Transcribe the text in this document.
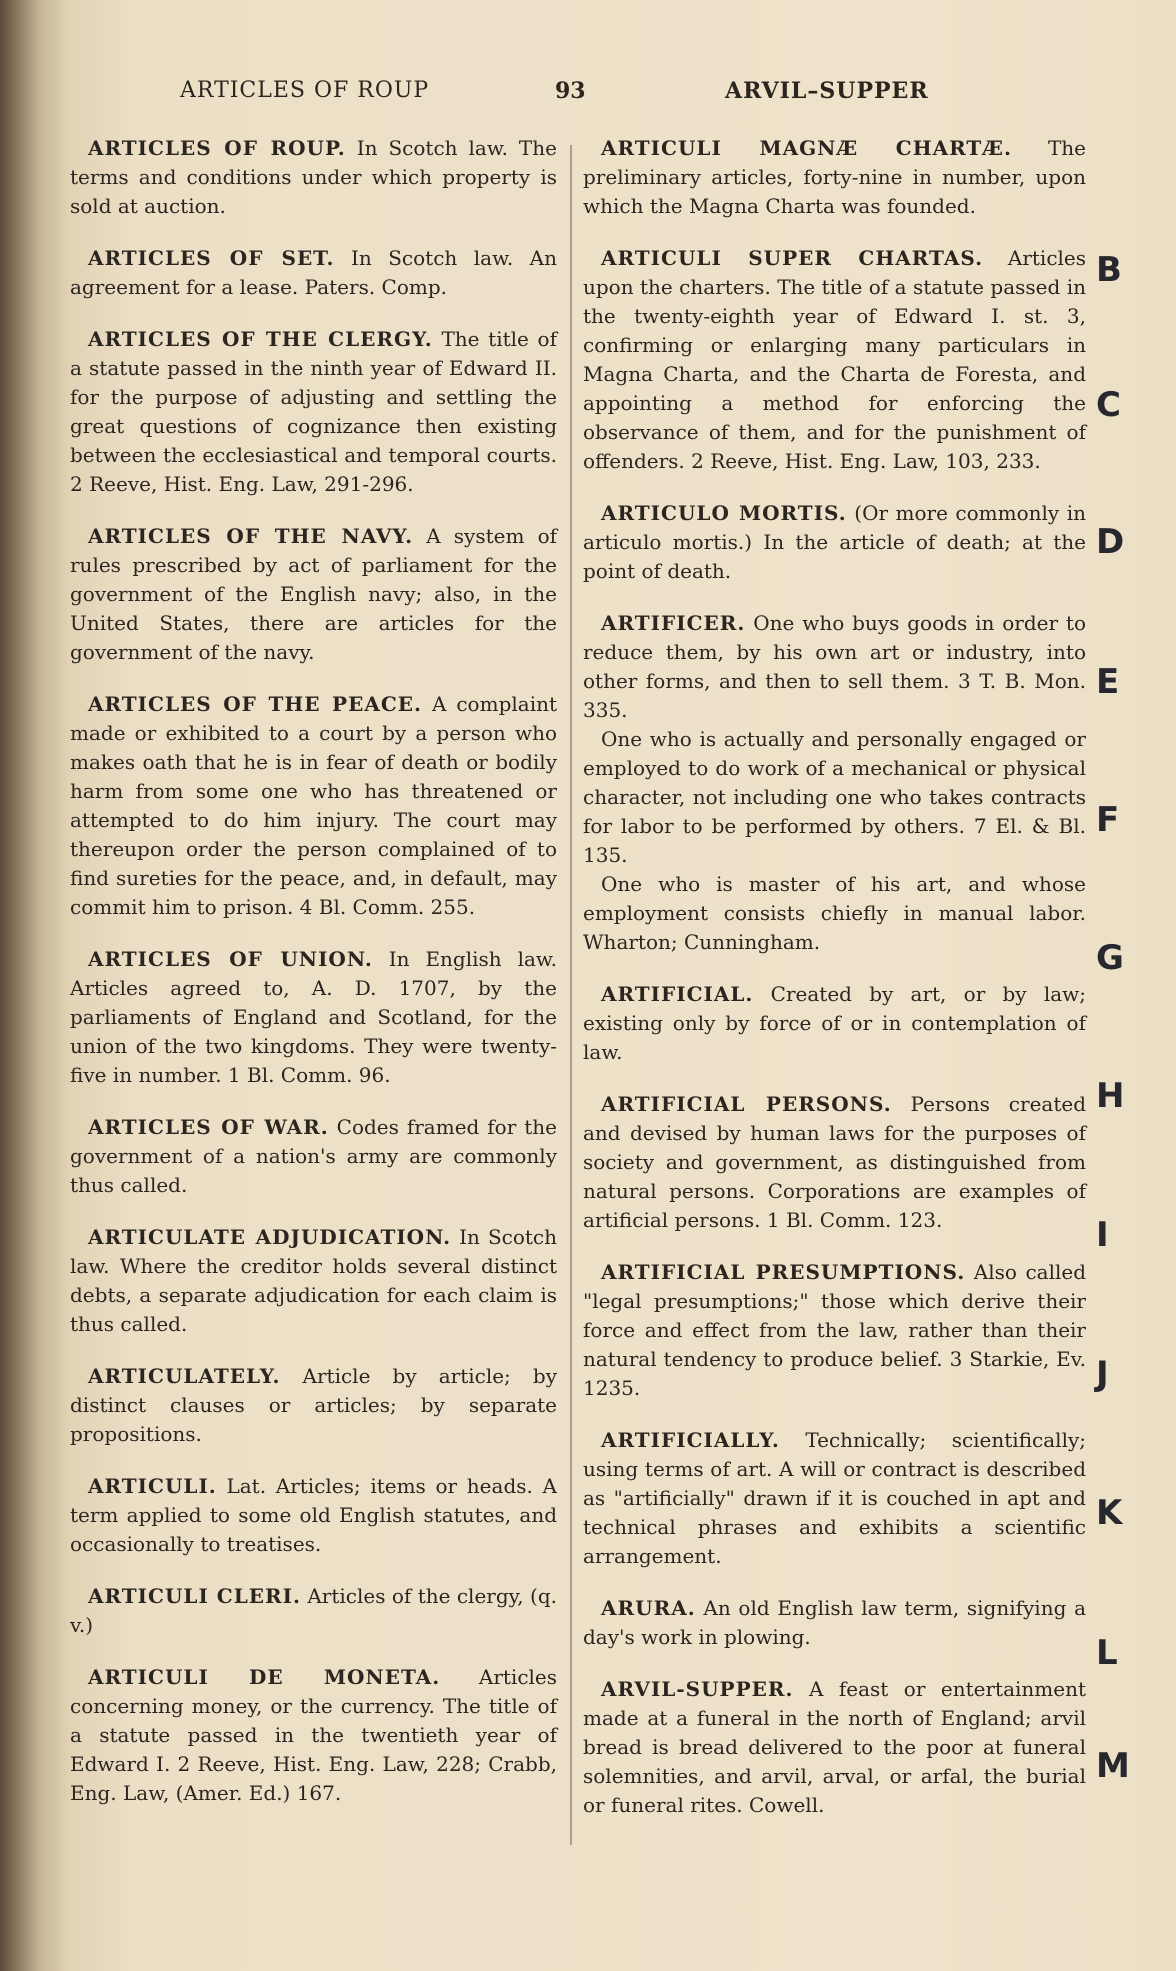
ARTICLES OF ROUP	93	ARVIL–SUPPER
ARTICLES OF ROUP. In Scotch law. The terms and conditions under which property is sold at auction.
ARTICLES OF SET. In Scotch law. An agreement for a lease. Paters. Comp.
ARTICLES OF THE CLERGY. The title of a statute passed in the ninth year of Edward II. for the purpose of adjusting and settling the great questions of cognizance then existing between the ecclesiastical and temporal courts. 2 Reeve, Hist. Eng. Law, 291-296.
ARTICLES OF THE NAVY. A system of rules prescribed by act of parliament for the government of the English navy; also, in the United States, there are articles for the government of the navy.
ARTICLES OF THE PEACE. A complaint made or exhibited to a court by a person who makes oath that he is in fear of death or bodily harm from some one who has threatened or attempted to do him injury. The court may thereupon order the person complained of to find sureties for the peace, and, in default, may commit him to prison. 4 Bl. Comm. 255.
ARTICLES OF UNION. In English law. Articles agreed to, A. D. 1707, by the parliaments of England and Scotland, for the union of the two kingdoms. They were twenty-five in number. 1 Bl. Comm. 96.
ARTICLES OF WAR. Codes framed for the government of a nation's army are commonly thus called.
ARTICULATE ADJUDICATION. In Scotch law. Where the creditor holds several distinct debts, a separate adjudication for each claim is thus called.
ARTICULATELY. Article by article; by distinct clauses or articles; by separate propositions.
ARTICULI. Lat. Articles; items or heads. A term applied to some old English statutes, and occasionally to treatises.
ARTICULI CLERI. Articles of the clergy, (q. v.)
ARTICULI DE MONETA. Articles concerning money, or the currency. The title of a statute passed in the twentieth year of Edward I. 2 Reeve, Hist. Eng. Law, 228; Crabb, Eng. Law, (Amer. Ed.) 167.
ARTICULI MAGNÆ CHARTÆ. The preliminary articles, forty-nine in number, upon which the Magna Charta was founded.
ARTICULI SUPER CHARTAS. Articles upon the charters. The title of a statute passed in the twenty-eighth year of Edward I. st. 3, confirming or enlarging many particulars in Magna Charta, and the Charta de Foresta, and appointing a method for enforcing the observance of them, and for the punishment of offenders. 2 Reeve, Hist. Eng. Law, 103, 233.
ARTICULO MORTIS. (Or more commonly in articulo mortis.) In the article of death; at the point of death.
ARTIFICER. One who buys goods in order to reduce them, by his own art or industry, into other forms, and then to sell them. 3 T. B. Mon. 335.

One who is actually and personally engaged or employed to do work of a mechanical or physical character, not including one who takes contracts for labor to be performed by others. 7 El. & Bl. 135.

One who is master of his art, and whose employment consists chiefly in manual labor. Wharton; Cunningham.

ARTIFICIAL. Created by art, or by law; existing only by force of or in contemplation of law.
ARTIFICIAL PERSONS. Persons created and devised by human laws for the purposes of society and government, as distinguished from natural persons. Corporations are examples of artificial persons. 1 Bl. Comm. 123.
ARTIFICIAL PRESUMPTIONS. Also called "legal presumptions;" those which derive their force and effect from the law, rather than their natural tendency to produce belief. 3 Starkie, Ev. 1235.
ARTIFICIALLY. Technically; scientifically; using terms of art. A will or contract is described as "artificially" drawn if it is couched in apt and technical phrases and exhibits a scientific arrangement.
ARURA. An old English law term, signifying a day's work in plowing.
ARVIL-SUPPER. A feast or entertainment made at a funeral in the north of England; arvil bread is bread delivered to the poor at funeral solemnities, and arvil, arval, or arfal, the burial or funeral rites. Cowell.
B
C
D
E
F
G
H
I
J
K
L
M
